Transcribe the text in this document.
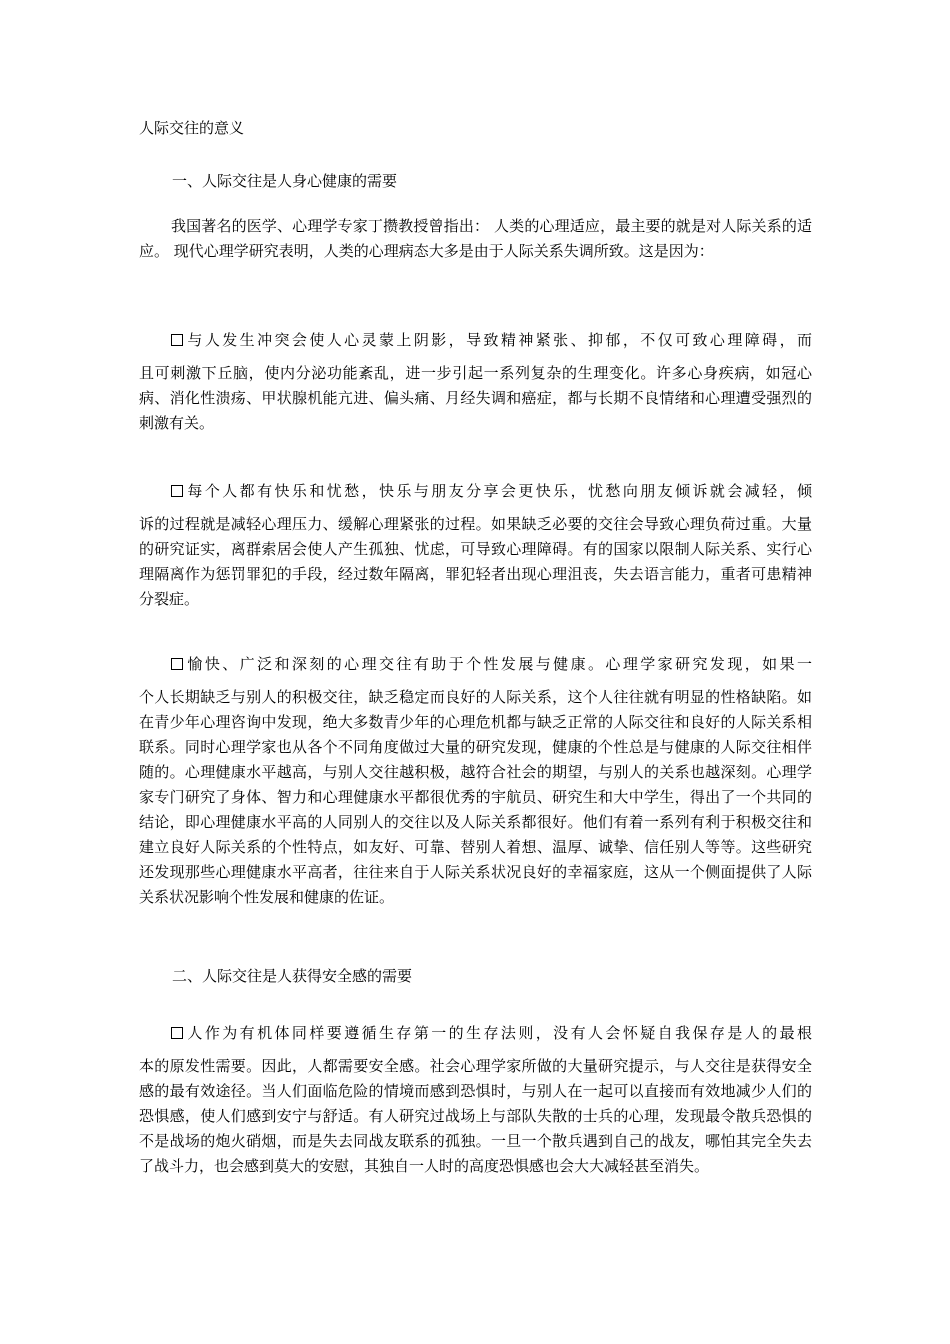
人际交往的意义

一、人际交往是人身心健康的需要

我国著名的医学、心理学专家丁攒教授曾指出： 人类的心理适应，最主要的就是对人际关系的适应。 现代心理学研究表明，人类的心理病态大多是由于人际关系失调所致。这是因为：

与人发生冲突会使人心灵蒙上阴影，导致精神紧张、抑郁，不仅可致心理障碍，而
且可刺激下丘脑，使内分泌功能紊乱，进一步引起一系列复杂的生理变化。许多心身疾病，如冠心病、消化性溃疡、甲状腺机能亢进、偏头痛、月经失调和癌症，都与长期不良情绪和心理遭受强烈的刺激有关。
每个人都有快乐和忧愁，快乐与朋友分享会更快乐，忧愁向朋友倾诉就会减轻，倾
诉的过程就是减轻心理压力、缓解心理紧张的过程。如果缺乏必要的交往会导致心理负荷过重。大量的研究证实，离群索居会使人产生孤独、忧虑，可导致心理障碍。有的国家以限制人际关系、实行心理隔离作为惩罚罪犯的手段，经过数年隔离，罪犯轻者出现心理沮丧，失去语言能力，重者可患精神分裂症。
愉快、广泛和深刻的心理交往有助于个性发展与健康。心理学家研究发现，如果一
个人长期缺乏与别人的积极交往，缺乏稳定而良好的人际关系，这个人往往就有明显的性格缺陷。如在青少年心理咨询中发现，绝大多数青少年的心理危机都与缺乏正常的人际交往和良好的人际关系相联系。同时心理学家也从各个不同角度做过大量的研究发现，健康的个性总是与健康的人际交往相伴随的。心理健康水平越高，与别人交往越积极，越符合社会的期望，与别人的关系也越深刻。心理学家专门研究了身体、智力和心理健康水平都很优秀的宇航员、研究生和大中学生，得出了一个共同的结论，即心理健康水平高的人同别人的交往以及人际关系都很好。他们有着一系列有利于积极交往和建立良好人际关系的个性特点，如友好、可靠、替别人着想、温厚、诚挚、信任别人等等。这些研究还发现那些心理健康水平高者，往往来自于人际关系状况良好的幸福家庭，这从一个侧面提供了人际关系状况影响个性发展和健康的佐证。

二、人际交往是人获得安全感的需要

人作为有机体同样要遵循生存第一的生存法则，没有人会怀疑自我保存是人的最根
本的原发性需要。因此，人都需要安全感。社会心理学家所做的大量研究提示，与人交往是获得安全感的最有效途径。当人们面临危险的情境而感到恐惧时，与别人在一起可以直接而有效地减少人们的恐惧感，使人们感到安宁与舒适。有人研究过战场上与部队失散的士兵的心理，发现最令散兵恐惧的不是战场的炮火硝烟，而是失去同战友联系的孤独。一旦一个散兵遇到自己的战友，哪怕其完全失去了战斗力，也会感到莫大的安慰，其独自一人时的高度恐惧感也会大大减轻甚至消失。
